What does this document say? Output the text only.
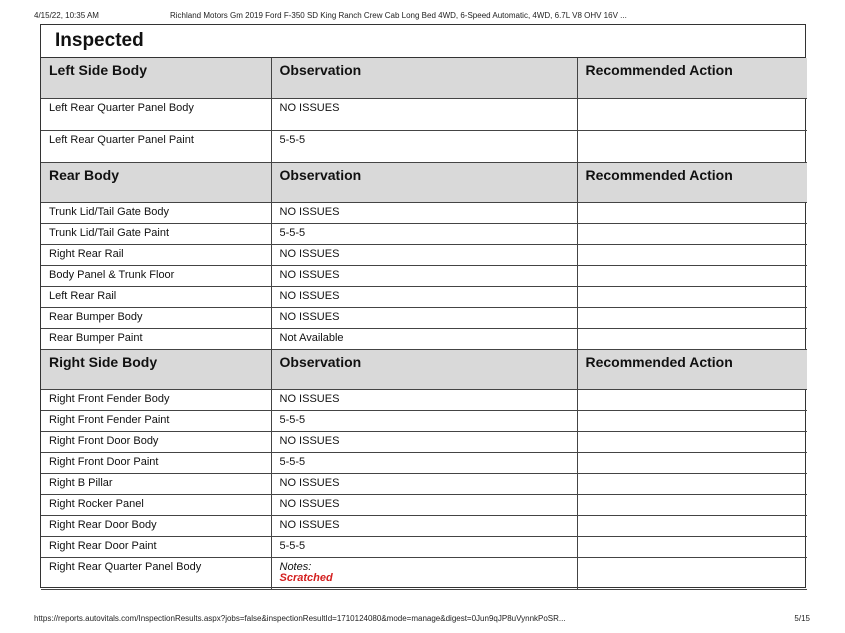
4/15/22, 10:35 AM	Richland Motors Gm 2019 Ford F-350 SD King Ranch Crew Cab Long Bed 4WD, 6-Speed Automatic, 4WD, 6.7L V8 OHV 16V ...
Inspected
Left Side Body	Observation	Recommended Action
Left Rear Quarter Panel Body	NO ISSUES	
Left Rear Quarter Panel Paint	5-5-5	
Rear Body	Observation	Recommended Action
Trunk Lid/Tail Gate Body	NO ISSUES	
Trunk Lid/Tail Gate Paint	5-5-5	
Right Rear Rail	NO ISSUES	
Body Panel & Trunk Floor	NO ISSUES	
Left Rear Rail	NO ISSUES	
Rear Bumper Body	NO ISSUES	
Rear Bumper Paint	Not Available	
Right Side Body	Observation	Recommended Action
Right Front Fender Body	NO ISSUES	
Right Front Fender Paint	5-5-5	
Right Front Door Body	NO ISSUES	
Right Front Door Paint	5-5-5	
Right B Pillar	NO ISSUES	
Right Rocker Panel	NO ISSUES	
Right Rear Door Body	NO ISSUES	
Right Rear Door Paint	5-5-5	
Right Rear Quarter Panel Body	Notes:
Scratched	

https://reports.autovitals.com/InspectionResults.aspx?jobs=false&inspectionResultId=1710124080&mode=manage&digest=0Jun9qJP8uVynnkPoSR...	5/15
